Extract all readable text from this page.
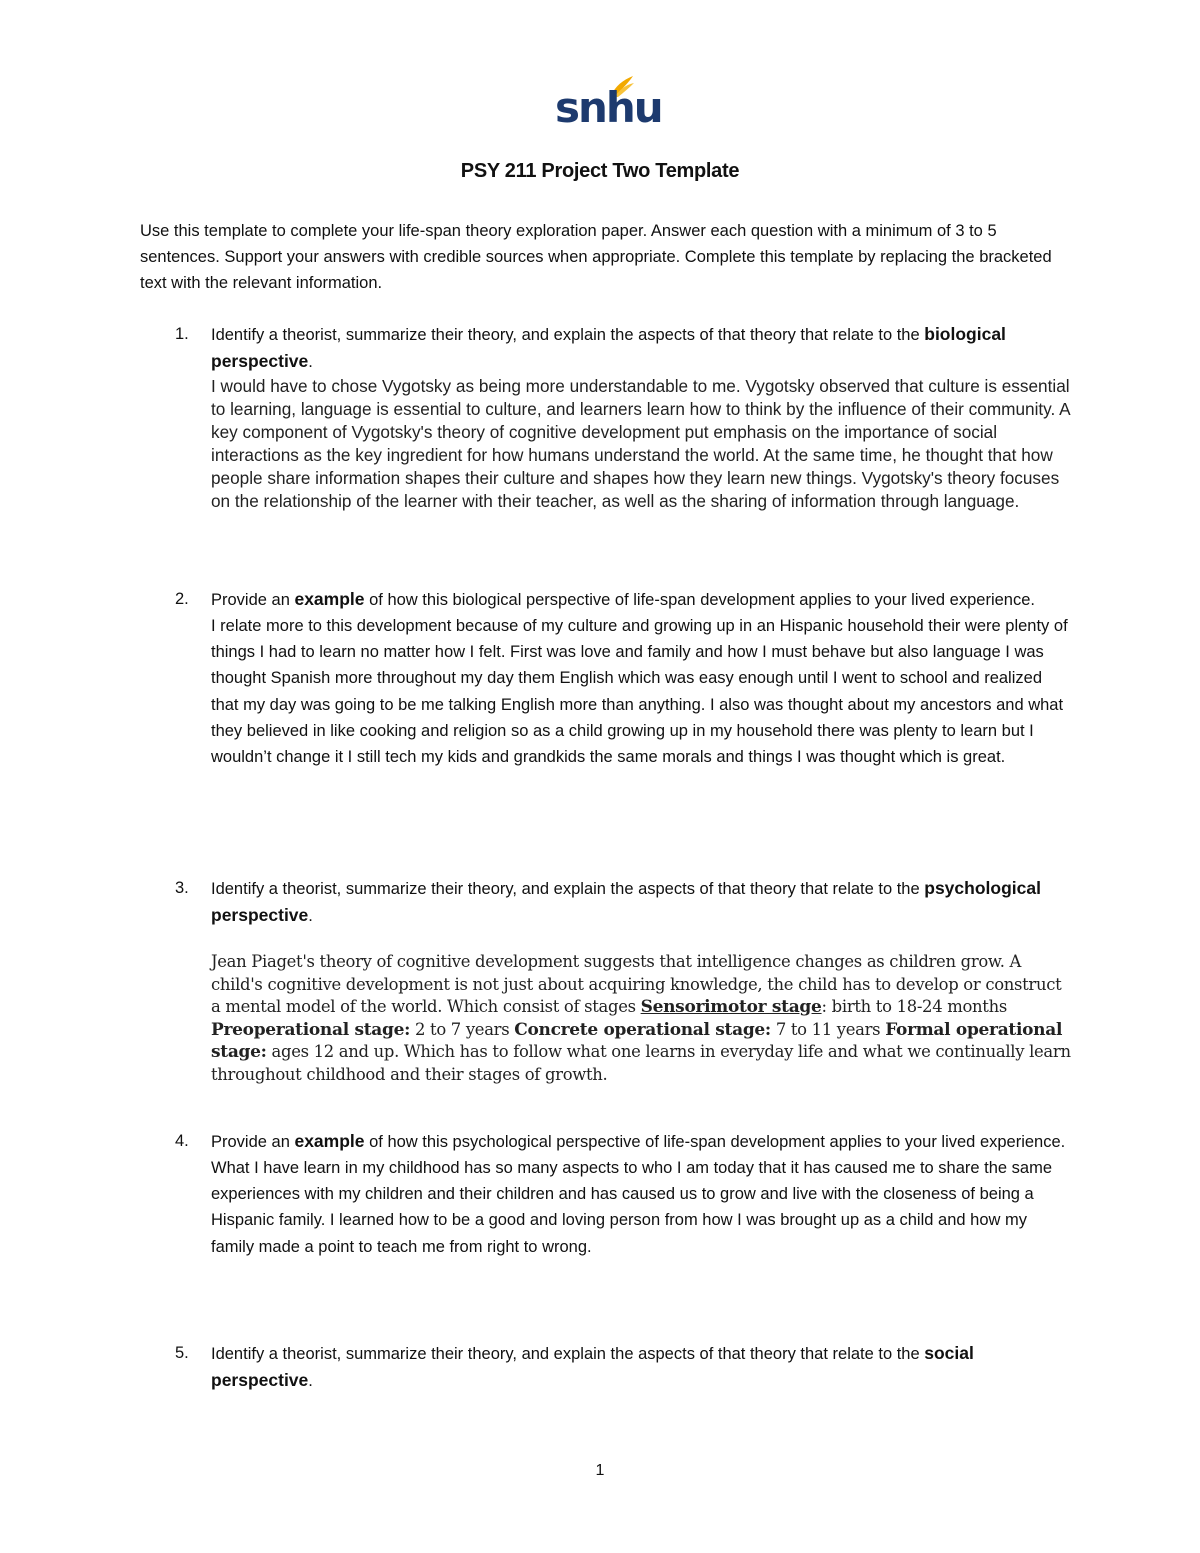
snhu
PSY 211 Project Two Template
Use this template to complete your life-span theory exploration paper. Answer each question with a minimum of 3 to 5 sentences. Support your answers with credible sources when appropriate. Complete this template by replacing the bracketed text with the relevant information.
1. Identify a theorist, summarize their theory, and explain the aspects of that theory that relate to the biological perspective.

I would have to chose Vygotsky as being more understandable to me. Vygotsky observed that culture is essential to learning, language is essential to culture, and learners learn how to think by the influence of their community. A key component of Vygotsky's theory of cognitive development put emphasis on the importance of social interactions as the key ingredient for how humans understand the world. At the same time, he thought that how people share information shapes their culture and shapes how they learn new things. Vygotsky's theory focuses on the relationship of the learner with their teacher, as well as the sharing of information through language.

2. Provide an example of how this biological perspective of life-span development applies to your lived experience.

I relate more to this development because of my culture and growing up in an Hispanic household their were plenty of things I had to learn no matter how I felt. First was love and family and how I must behave but also language I was thought Spanish more throughout my day them English which was easy enough until I went to school and realized that my day was going to be me talking English more than anything. I also was thought about my ancestors and what they believed in like cooking and religion so as a child growing up in my household there was plenty to learn but I wouldn’t change it I still tech my kids and grandkids the same morals and things I was thought which is great.

3. Identify a theorist, summarize their theory, and explain the aspects of that theory that relate to the psychological perspective.

Jean Piaget's theory of cognitive development suggests that intelligence changes as children grow. A child's cognitive development is not just about acquiring knowledge, the child has to develop or construct a mental model of the world. Which consist of stages Sensorimotor stage: birth to 18-24 months Preoperational stage: 2 to 7 years Concrete operational stage: 7 to 11 years Formal operational stage: ages 12 and up. Which has to follow what one learns in everyday life and what we continually learn throughout childhood and their stages of growth.

4. Provide an example of how this psychological perspective of life-span development applies to your lived experience.

What I have learn in my childhood has so many aspects to who I am today that it has caused me to share the same experiences with my children and their children and has caused us to grow and live with the closeness of being a Hispanic family. I learned how to be a good and loving person from how I was brought up as a child and how my family made a point to teach me from right to wrong.

5. Identify a theorist, summarize their theory, and explain the aspects of that theory that relate to the social perspective.

1
